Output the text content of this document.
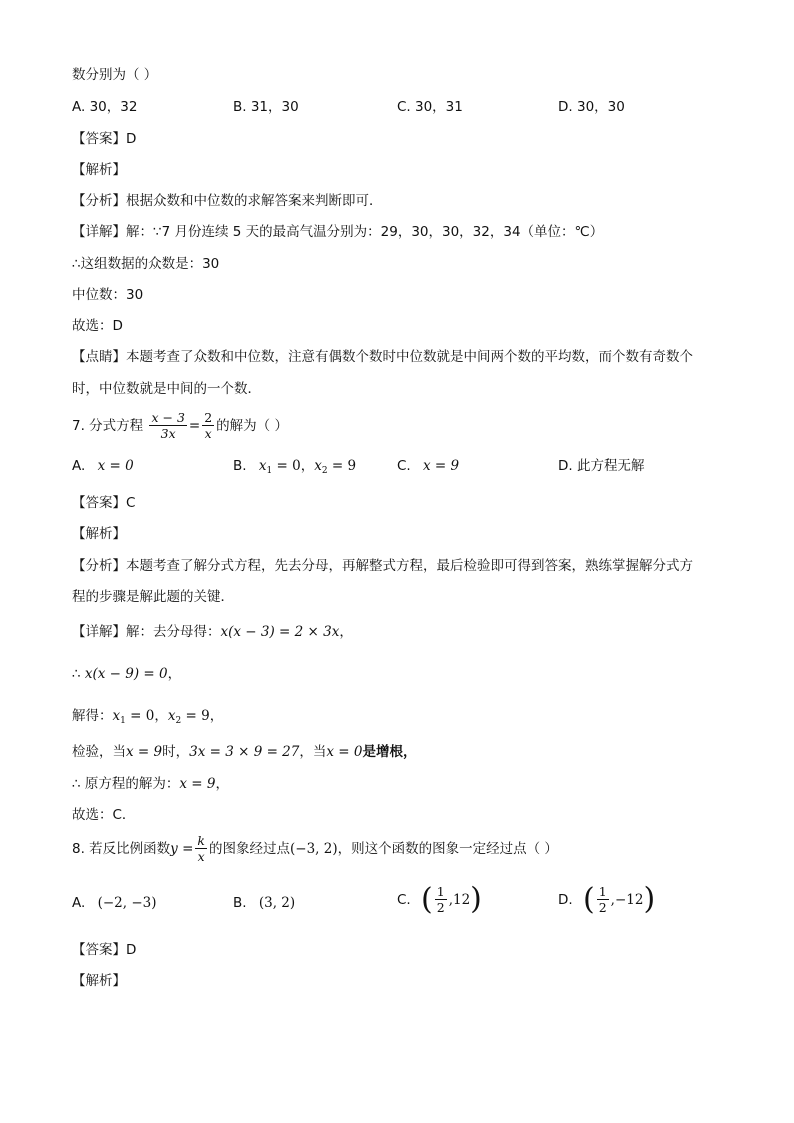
数分别为（ ）
A. 30，32	B. 31，30	C. 30，31	D. 30，30
【答案】D
【解析】
【分析】根据众数和中位数的求解答案来判断即可．
【详解】解：∵7 月份连续 5 天的最高气温分别为：29，30，30，32，34（单位：℃）
∴这组数据的众数是：30
中位数：30
故选：D
【点睛】本题考查了众数和中位数，注意有偶数个数时中位数就是中间两个数的平均数，而个数有奇数个
时，中位数就是中间的一个数．
7. 分式方程 $\frac{x - 3}{3x} = \frac{2}{x}$ 的解为（ ）
A. x = 0	B. $x_1 = 0$，$x_2 = 9$	C. x = 9	D. 此方程无解
【答案】C
【解析】
【分析】本题考查了解分式方程，先去分母，再解整式方程，最后检验即可得到答案，熟练掌握解分式方
程的步骤是解此题的关键．
【详解】解：去分母得：x(x − 3) = 2 × 3x，
∴ x(x − 9) = 0，
解得：$x_1 = 0$，$x_2 = 9$，
检验，当x = 9时，3x = 3 × 9 = 27，当x = 0是增根，
∴ 原方程的解为：x = 9，
故选：C．
8. 若反比例函数$y = \frac{k}{x}$ 的图象经过点(−3, 2)，则这个函数的图象一定经过点（ ）
A. (−2, −3)	B. (3, 2)	C. ( $\frac{1}{2} ,12$)	D. ( $\frac{1}{2} ,-12$)
【答案】D
【解析】
